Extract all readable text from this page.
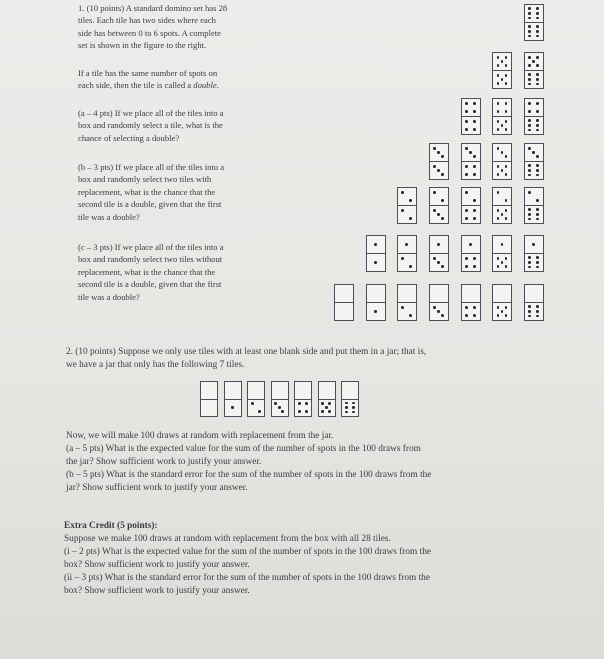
1. (10 points) A standard domino set has 28

tiles. Each tile has two sides where each

side has between 0 to 6 spots. A complete

set is shown in the figure to the right.

If a tile has the same number of spots on

each side, then the tile is called a double.

(a – 4 pts) If we place all of the tiles into a

box and randomly select a tile, what is the

chance of selecting a double?

(b – 3 pts) If we place all of the tiles into a

box and randomly select two tiles with

replacement, what is the chance that the

second tile is a double, given that the first

tile was a double?

(c – 3 pts) If we place all of the tiles into a

box and randomly select two tiles without

replacement, what is the chance that the

second tile is a double, given that the first

tile was a double?

2. (10 points) Suppose we only use tiles with at least one blank side and put them in a jar; that is,

we have a jar that only has the following 7 tiles.

Now, we will make 100 draws at random with replacement from the jar.

(a – 5 pts) What is the expected value for the sum of the number of spots in the 100 draws from

the jar? Show sufficient work to justify your answer.

(b – 5 pts) What is the standard error for the sum of the number of spots in the 100 draws from the

jar? Show sufficient work to justify your answer.

Extra Credit (5 points):

Suppose we make 100 draws at random with replacement from the box with all 28 tiles.

(i – 2 pts) What is the expected value for the sum of the number of spots in the 100 draws from the

box? Show sufficient work to justify your answer.

(ii – 3 pts) What is the standard error for the sum of the number of spots in the 100 draws from the

box? Show sufficient work to justify your answer.
